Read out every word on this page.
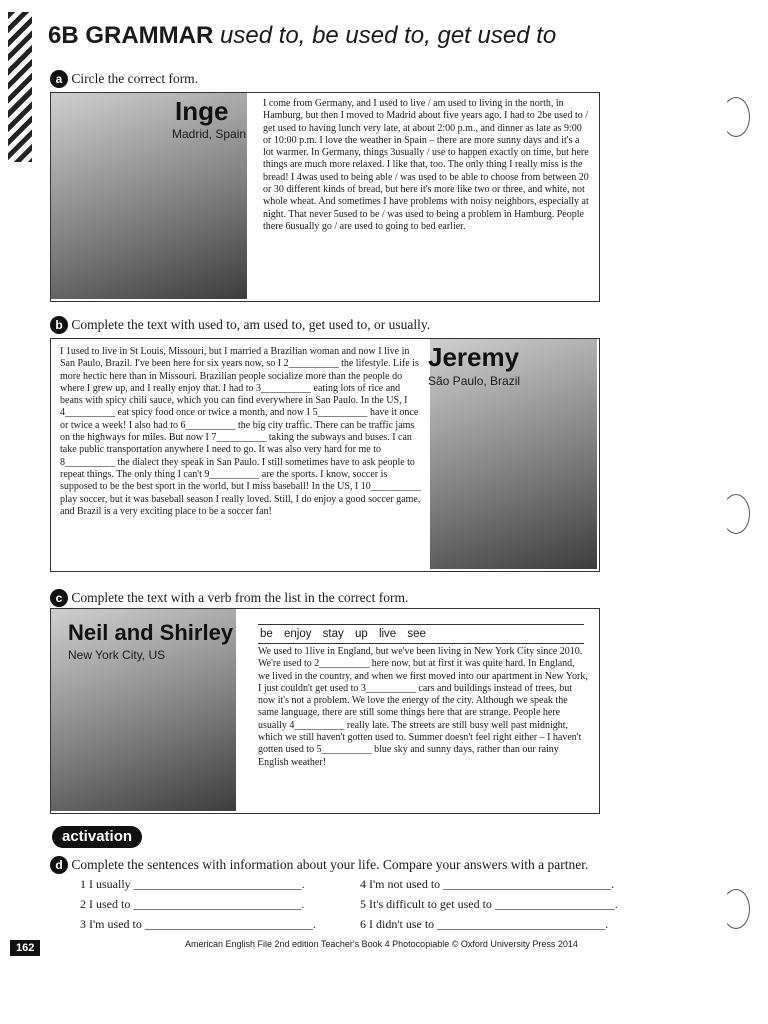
6B GRAMMAR used to, be used to, get used to
a Circle the correct form.
Inge
Madrid, Spain
I come from Germany, and I used to live / am used to living in the north, in Hamburg, but then I moved to Madrid about five years ago. I had to 2be used to / get used to having lunch very late, at about 2:00 p.m., and dinner as late as 9:00 or 10:00 p.m. I love the weather in Spain – there are more sunny days and it's a lot warmer. In Germany, things 3usually / use to happen exactly on time, but here things are much more relaxed. I like that, too. The only thing I really miss is the bread! I 4was used to being able / was used to be able to choose from between 20 or 30 different kinds of bread, but here it's more like two or three, and white, not whole wheat. And sometimes I have problems with noisy neighbors, especially at night. That never 5used to be / was used to being a problem in Hamburg. People there 6usually go / are used to going to bed earlier.
b Complete the text with used to, am used to, get used to, or usually.
Jeremy
São Paulo, Brazil
I 1used to live in St Louis, Missouri, but I married a Brazilian woman and now I live in San Paulo, Brazil. I've been here for six years now, so I 2__________ the lifestyle. Life is more hectic here than in Missouri. Brazilian people socialize more than the people do where I grew up, and I really enjoy that. I had to 3__________ eating lots of rice and beans with spicy chili sauce, which you can find everywhere in San Paulo. In the US, I 4__________ eat spicy food once or twice a month, and now I 5__________ have it once or twice a week! I also had to 6__________ the big city traffic. There can be traffic jams on the highways for miles. But now I 7__________ taking the subways and buses. I can take public transportation anywhere I need to go. It was also very hard for me to 8__________ the dialect they speak in San Paulo. I still sometimes have to ask people to repeat things. The only thing I can't 9__________ are the sports. I know, soccer is supposed to be the best sport in the world, but I miss baseball! In the US, I 10__________ play soccer, but it was baseball season I really loved. Still, I do enjoy a good soccer game, and Brazil is a very exciting place to be a soccer fan!
c Complete the text with a verb from the list in the correct form.
Neil and Shirley
New York City, US
be enjoy stay up live see
We used to 1live in England, but we've been living in New York City since 2010. We're used to 2__________ here now, but at first it was quite hard. In England, we lived in the country, and when we first moved into our apartment in New York, I just couldn't get used to 3__________ cars and buildings instead of trees, but now it's not a problem. We love the energy of the city. Although we speak the same language, there are still some things here that are strange. People here usually 4__________ really late. The streets are still busy well past midnight, which we still haven't gotten used to. Summer doesn't feel right either – I haven't gotten used to 5__________ blue sky and sunny days, rather than our rainy English weather!
activation
d Complete the sentences with information about your life. Compare your answers with a partner.
1 I usually ____________________________.
2 I used to ____________________________.
3 I'm used to ____________________________.
4 I'm not used to ____________________________.
5 It's difficult to get used to ____________________.
6 I didn't use to ____________________________.
162	American English File 2nd edition Teacher's Book 4 Photocopiable © Oxford University Press 2014
